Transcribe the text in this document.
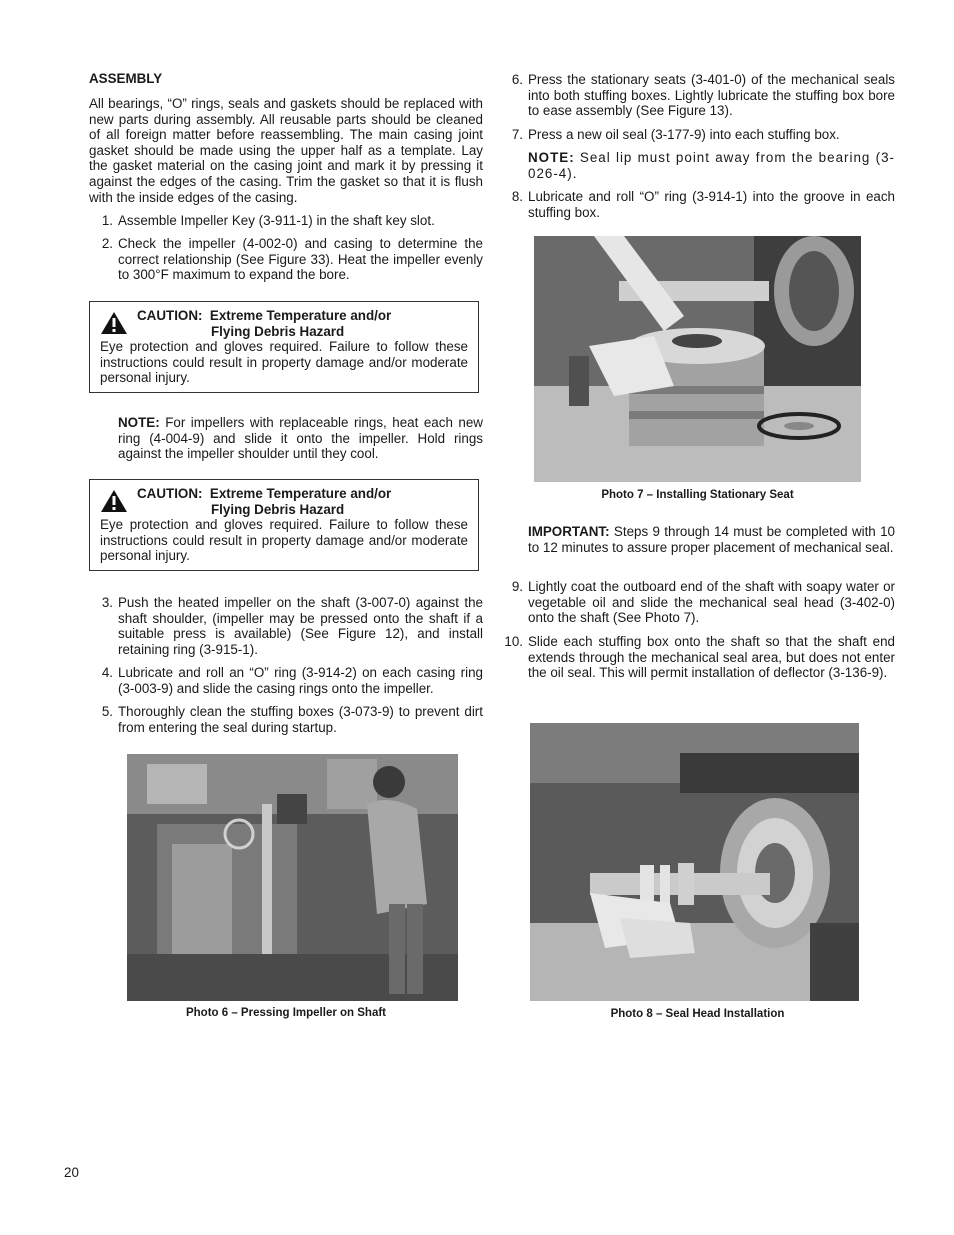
ASSEMBLY

All bearings, “O” rings, seals and gaskets should be replaced with new parts during assembly. All reusable parts should be cleaned of all foreign matter before reassembling. The main casing joint gasket should be made using the upper half as a template. Lay the gasket material on the casing joint and mark it by pressing it against the edges of the casing. Trim the gasket so that it is flush with the inside edges of the casing.

1. Assemble Impeller Key (3-911-1) in the shaft key slot.

2. Check the impeller (4-002-0) and casing to determine the correct relationship (See Figure 33). Heat the impeller evenly to 300°F maximum to expand the bore.

CAUTION: Extreme Temperature and/or
Flying Debris Hazard

Eye protection and gloves required. Failure to follow these instructions could result in property damage and/or moderate personal injury.

NOTE: For impellers with replaceable rings, heat each new ring (4-004-9) and slide it onto the impeller. Hold rings against the impeller shoulder until they cool.

CAUTION: Extreme Temperature and/or
Flying Debris Hazard

Eye protection and gloves required. Failure to follow these instructions could result in property damage and/or moderate personal injury.

3. Push the heated impeller on the shaft (3-007-0) against the shaft shoulder, (impeller may be pressed onto the shaft if a suitable press is available) (See Figure 12), and install retaining ring (3-915-1).

4. Lubricate and roll an “O” ring (3-914-2) on each casing ring (3-003-9) and slide the casing rings onto the impeller.

5. Thoroughly clean the stuffing boxes (3-073-9) to prevent dirt from entering the seal during startup.

Photo 6 – Pressing Impeller on Shaft
6. Press the stationary seats (3-401-0) of the mechanical seals into both stuffing boxes. Lightly lubricate the stuffing box bore to ease assembly (See Figure 13).

7. Press a new oil seal (3-177-9) into each stuffing box.

NOTE: Seal lip must point away from the bearing (3-026-4).

8. Lubricate and roll “O” ring (3-914-1) into the groove in each stuffing box.

IMPORTANT: Steps 9 through 14 must be completed with 10 to 12 minutes to assure proper placement of mechanical seal.

9. Lightly coat the outboard end of the shaft with soapy water or vegetable oil and slide the mechanical seal head (3-402-0) onto the shaft (See Photo 7).

10. Slide each stuffing box onto the shaft so that the shaft end extends through the mechanical seal area, but does not enter the oil seal. This will permit installation of deflector (3-136-9).

Photo 7 – Installing Stationary Seat
Photo 8 – Seal Head Installation
20
